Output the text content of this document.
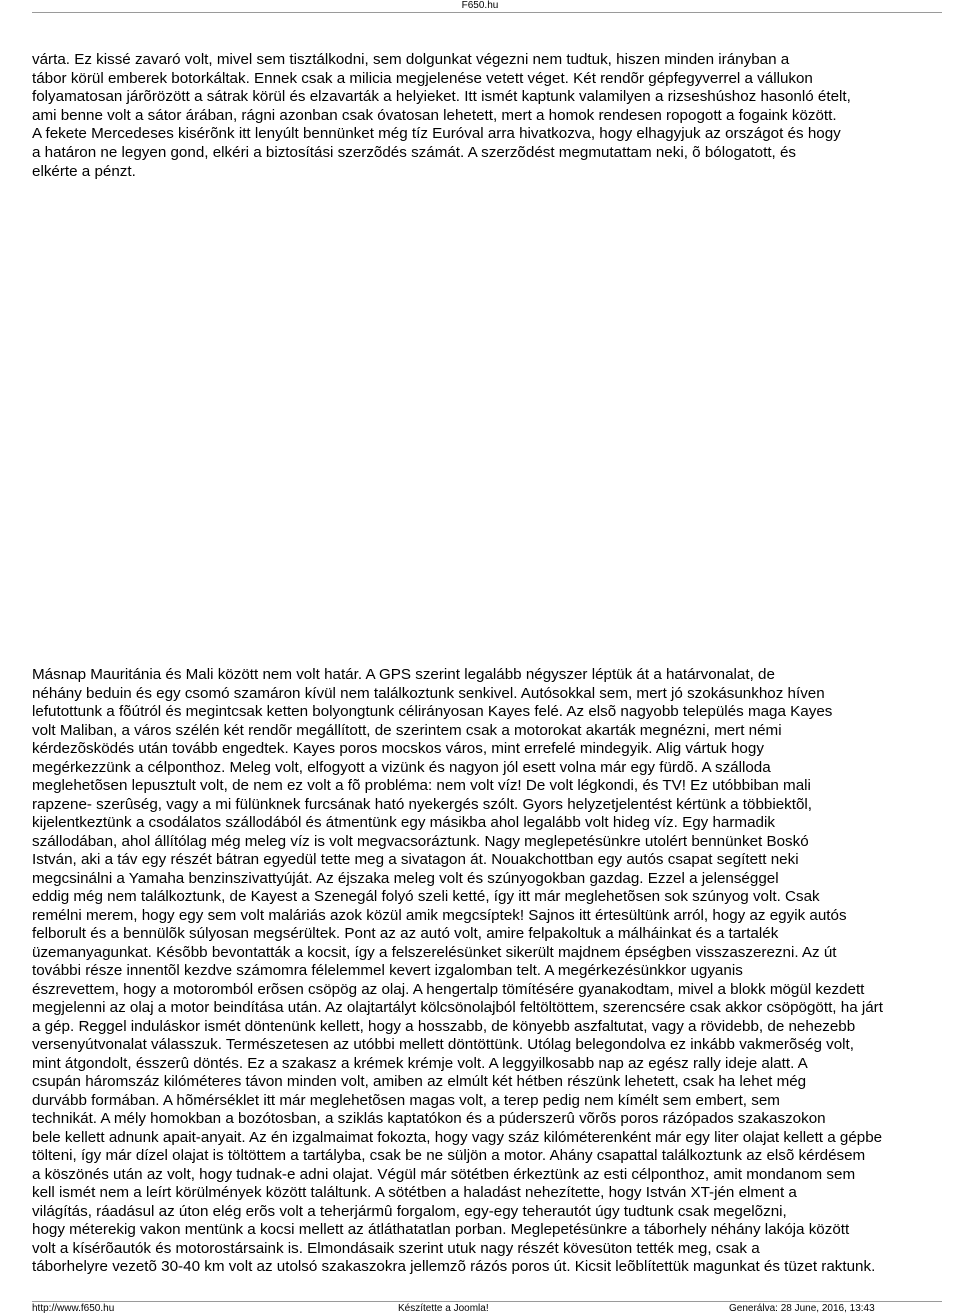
F650.hu
várta. Ez kissé zavaró volt, mivel sem tisztálkodni, sem dolgunkat végezni nem tudtuk, hiszen minden irányban a
tábor körül emberek botorkáltak. Ennek csak a milicia megjelenése vetett véget. Két rendõr gépfegyverrel a vállukon
folyamatosan járõrözött a sátrak körül és elzavarták a helyieket. Itt ismét kaptunk valamilyen a rizseshúshoz hasonló ételt,
ami benne volt a sátor árában, rágni azonban csak óvatosan lehetett, mert a homok rendesen ropogott a fogaink között.
A fekete Mercedeses kisérõnk itt lenyúlt bennünket még tíz Euróval arra hivatkozva, hogy elhagyjuk az országot és hogy
a határon ne legyen gond, elkéri a biztosítási szerzõdés számát. A szerzõdést megmutattam neki, õ bólogatott, és
elkérte a pénzt.
Másnap Mauritánia és Mali között nem volt határ. A GPS szerint legalább négyszer léptük át a határvonalat, de
néhány beduin és egy csomó szamáron kívül nem találkoztunk senkivel. Autósokkal sem, mert jó szokásunkhoz híven
lefutottunk a fõútról és megintcsak ketten bolyongtunk célirányosan Kayes felé. Az elsõ nagyobb település maga Kayes
volt Maliban, a város szélén két rendõr megállított, de szerintem csak a motorokat akarták megnézni, mert némi
kérdezõsködés után tovább engedtek. Kayes poros mocskos város, mint errefelé mindegyik. Alig vártuk hogy
megérkezzünk a célponthoz. Meleg volt, elfogyott a vizünk és nagyon jól esett volna már egy fürdõ. A szálloda
meglehetõsen lepusztult volt, de nem ez volt a fõ probléma: nem volt víz! De volt légkondi, és TV! Ez utóbbiban mali
rapzene- szerûség, vagy a mi fülünknek furcsának ható nyekergés szólt. Gyors helyzetjelentést kértünk a többiektõl,
kijelentkeztünk a csodálatos szállodából és átmentünk egy másikba ahol legalább volt hideg víz. Egy harmadik
szállodában, ahol állítólag még meleg víz is volt megvacsoráztunk. Nagy meglepetésünkre utolért bennünket Boskó
István, aki a táv egy részét bátran egyedül tette meg a sivatagon át. Nouakchottban egy autós csapat segített neki
megcsinálni a Yamaha benzinszivattyúját. Az éjszaka meleg volt és szúnyogokban gazdag. Ezzel a jelenséggel
eddig még nem találkoztunk, de Kayest a Szenegál folyó szeli ketté, így itt már meglehetõsen sok szúnyog volt. Csak
remélni merem, hogy egy sem volt maláriás azok közül amik megcsíptek! Sajnos itt értesültünk arról, hogy az egyik autós
felborult és a bennülõk súlyosan megsérültek. Pont az az autó volt, amire felpakoltuk a málháinkat és a tartalék
üzemanyagunkat. Késõbb bevontatták a kocsit, így a felszerelésünket sikerült majdnem épségben visszaszerezni. Az út
további része innentõl kezdve számomra félelemmel kevert izgalomban telt. A megérkezésünkkor ugyanis
észrevettem, hogy a motoromból erõsen csöpög az olaj. A hengertalp tömítésére gyanakodtam, mivel a blokk mögül kezdett
megjelenni az olaj a motor beindítása után. Az olajtartályt kölcsönolajból feltöltöttem, szerencsére csak akkor csöpögött, ha járt
a gép. Reggel induláskor ismét döntenünk kellett, hogy a hosszabb, de könyebb aszfaltutat, vagy a rövidebb, de nehezebb
versenyútvonalat válasszuk. Természetesen az utóbbi mellett döntöttünk. Utólag belegondolva ez inkább vakmerõség volt,
mint átgondolt, ésszerû döntés. Ez a szakasz a krémek krémje volt. A leggyilkosabb nap az egész rally ideje alatt. A
csupán háromszáz kilóméteres távon minden volt, amiben az elmúlt két hétben részünk lehetett, csak ha lehet még
durvább formában. A hõmérséklet itt már meglehetõsen magas volt, a terep pedig nem kímélt sem embert, sem
technikát. A mély homokban a bozótosban, a sziklás kaptatókon és a púderszerû võrõs poros rázópados szakaszokon
bele kellett adnunk apait-anyait. Az én izgalmaimat fokozta, hogy vagy száz kilóméterenként már egy liter olajat kellett a gépbe
tölteni, így már dízel olajat is töltöttem a tartályba, csak be ne süljön a motor. Ahány csapattal találkoztunk az elsõ kérdésem
a köszönés után az volt, hogy tudnak-e adni olajat. Végül már sötétben érkeztünk az esti célponthoz, amit mondanom sem
kell ismét nem a leírt körülmények között találtunk. A sötétben a haladást nehezítette, hogy István XT-jén elment a
világítás, ráadásul az úton elég erõs volt a teherjármû forgalom, egy-egy teherautót úgy tudtunk csak megelõzni,
hogy méterekig vakon mentünk a kocsi mellett az átláthatatlan porban. Meglepetésünkre a táborhely néhány lakója között
volt a kísérõautók és motorostársaink is. Elmondásaik szerint utuk nagy részét kövesüton tették meg, csak a
táborhelyre vezetõ 30-40 km volt az utolsó szakaszokra jellemzõ rázós poros út. Kicsit leõblítettük magunkat és tüzet raktunk.
http://www.f650.hu	Készítette a Joomla!	Generálva: 28 June, 2016, 13:43
